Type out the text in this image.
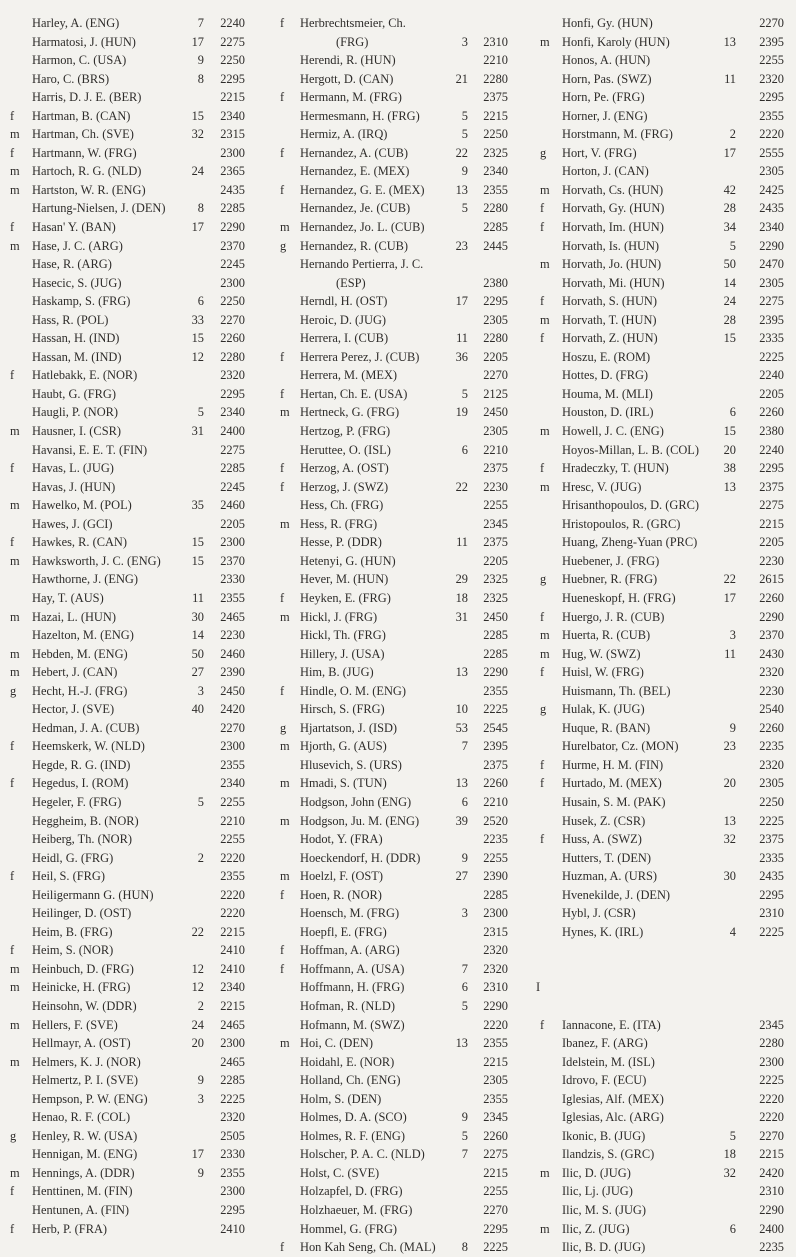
Harley, A. (ENG)	7	2240
Harmatosi, J. (HUN)	17	2275
Harmon, C. (USA)	9	2250
Haro, C. (BRS)	8	2295
Harris, D. J. E. (BER)	2215
f Hartman, B. (CAN)	15	2340
m Hartman, Ch. (SVE)	32	2315
f Hartmann, W. (FRG)	2300
m Hartoch, R. G. (NLD)	24	2365
m Hartston, W. R. (ENG)	2435
Hartung-Nielsen, J. (DEN)	8	2285
f Hasan' Y. (BAN)	17	2290
m Hase, J. C. (ARG)	2370
Hase, R. (ARG)	2245
Hasecic, S. (JUG)	2300
Haskamp, S. (FRG)	6	2250
Hass, R. (POL)	33	2270
Hassan, H. (IND)	15	2260
Hassan, M. (IND)	12	2280
f Hatlebakk, E. (NOR)	2320
Haubt, G. (FRG)	2295
Haugli, P. (NOR)	5	2340
m Hausner, I. (CSR)	31	2400
Havansi, E. E. T. (FIN)	2275
f Havas, L. (JUG)	2285
Havas, J. (HUN)	2245
m Hawelko, M. (POL)	35	2460
Hawes, J. (GCI)	2205
f Hawkes, R. (CAN)	15	2300
m Hawksworth, J. C. (ENG)	15	2370
Hawthorne, J. (ENG)	2330
Hay, T. (AUS)	11	2355
m Hazai, L. (HUN)	30	2465
Hazelton, M. (ENG)	14	2230
m Hebden, M. (ENG)	50	2460
m Hebert, J. (CAN)	27	2390
g Hecht, H.-J. (FRG)	3	2450
Hector, J. (SVE)	40	2420
Hedman, J. A. (CUB)	2270
f Heemskerk, W. (NLD)	2300
Hegde, R. G. (IND)	2355
f Hegedus, I. (ROM)	2340
Hegeler, F. (FRG)	5	2255
Heggheim, B. (NOR)	2210
Heiberg, Th. (NOR)	2255
Heidl, G. (FRG)	2	2220
f Heil, S. (FRG)	2355
Heiligermann G. (HUN)	2220
Heilinger, D. (OST)	2220
Heim, B. (FRG)	22	2215
f Heim, S. (NOR)	2410
m Heinbuch, D. (FRG)	12	2410
m Heinicke, H. (FRG)	12	2340
Heinsohn, W. (DDR)	2	2215
m Hellers, F. (SVE)	24	2465
Hellmayr, A. (OST)	20	2300
m Helmers, K. J. (NOR)	2465
Helmertz, P. I. (SVE)	9	2285
Hempson, P. W. (ENG)	3	2225
Henao, R. F. (COL)	2320
g Henley, R. W. (USA)	2505
Hennigan, M. (ENG)	17	2330
m Hennings, A. (DDR)	9	2355
f Henttinen, M. (FIN)	2300
Hentunen, A. (FIN)	2295
f Herb, P. (FRA)	2410
f Herbrechtsmeier, Ch.
(FRG)	3	2310
Herendi, R. (HUN)	2210
Hergott, D. (CAN)	21	2280
f Hermann, M. (FRG)	2375
Hermesmann, H. (FRG)	5	2215
Hermiz, A. (IRQ)	5	2250
f Hernandez, A. (CUB)	22	2325
Hernandez, E. (MEX)	9	2340
f Hernandez, G. E. (MEX)	13	2355
Hernandez, Je. (CUB)	5	2280
m Hernandez, Jo. L. (CUB)	2285
g Hernandez, R. (CUB)	23	2445
Hernando Pertierra, J. C.
(ESP)	2380
Herndl, H. (OST)	17	2295
Heroic, D. (JUG)	2305
Herrera, I. (CUB)	11	2280
f Herrera Perez, J. (CUB)	36	2205
Herrera, M. (MEX)	2270
f Hertan, Ch. E. (USA)	5	2125
m Hertneck, G. (FRG)	19	2450
Hertzog, P. (FRG)	2305
Heruttee, O. (ISL)	6	2210
f Herzog, A. (OST)	2375
f Herzog, J. (SWZ)	22	2230
Hess, Ch. (FRG)	2255
m Hess, R. (FRG)	2345
Hesse, P. (DDR)	11	2375
Hetenyi, G. (HUN)	2205
Hever, M. (HUN)	29	2325
f Heyken, E. (FRG)	18	2325
m Hickl, J. (FRG)	31	2450
Hickl, Th. (FRG)	2285
Hillery, J. (USA)	2285
Him, B. (JUG)	13	2290
f Hindle, O. M. (ENG)	2355
Hirsch, S. (FRG)	10	2225
g Hjartatson, J. (ISD)	53	2545
m Hjorth, G. (AUS)	7	2395
Hlusevich, S. (URS)	2375
m Hmadi, S. (TUN)	13	2260
Hodgson, John (ENG)	6	2210
m Hodgson, Ju. M. (ENG)	39	2520
Hodot, Y. (FRA)	2235
Hoeckendorf, H. (DDR)	9	2255
m Hoelzl, F. (OST)	27	2390
f Hoen, R. (NOR)	2285
Hoensch, M. (FRG)	3	2300
Hoepfl, E. (FRG)	2315
f Hoffman, A. (ARG)	2320
f Hoffmann, A. (USA)	7	2320
Hoffmann, H. (FRG)	6	2310
Hofman, R. (NLD)	5	2290
Hofmann, M. (SWZ)	2220
m Hoi, C. (DEN)	13	2355
Hoidahl, E. (NOR)	2215
Holland, Ch. (ENG)	2305
Holm, S. (DEN)	2355
Holmes, D. A. (SCO)	9	2345
Holmes, R. F. (ENG)	5	2260
Holscher, P. A. C. (NLD)	7	2275
Holst, C. (SVE)	2215
Holzapfel, D. (FRG)	2255
Holzhaeuer, M. (FRG)	2270
Hommel, G. (FRG)	2295
f Hon Kah Seng, Ch. (MAL)	8	2225
Honfi, Gy. (HUN)	2270
m Honfi, Karoly (HUN)	13	2395
Honos, A. (HUN)	2255
Horn, Pas. (SWZ)	11	2320
Horn, Pe. (FRG)	2295
Horner, J. (ENG)	2355
Horstmann, M. (FRG)	2	2220
g Hort, V. (FRG)	17	2555
Horton, J. (CAN)	2305
m Horvath, Cs. (HUN)	42	2425
f Horvath, Gy. (HUN)	28	2435
f Horvath, Im. (HUN)	34	2340
Horvath, Is. (HUN)	5	2290
m Horvath, Jo. (HUN)	50	2470
Horvath, Mi. (HUN)	14	2305
f Horvath, S. (HUN)	24	2275
m Horvath, T. (HUN)	28	2395
f Horvath, Z. (HUN)	15	2335
Hoszu, E. (ROM)	2225
Hottes, D. (FRG)	2240
Houma, M. (MLI)	2205
Houston, D. (IRL)	6	2260
m Howell, J. C. (ENG)	15	2380
Hoyos-Millan, L. B. (COL)	20	2240
f Hradeczky, T. (HUN)	38	2295
m Hresc, V. (JUG)	13	2375
Hrisanthopoulos, D. (GRC)	2275
Hristopoulos, R. (GRC)	2215
Huang, Zheng-Yuan (PRC)	2205
Huebener, J. (FRG)	2230
g Huebner, R. (FRG)	22	2615
Hueneskopf, H. (FRG)	17	2260
f Huergo, J. R. (CUB)	2290
m Huerta, R. (CUB)	3	2370
m Hug, W. (SWZ)	11	2430
f Huisl, W. (FRG)	2320
Huismann, Th. (BEL)	2230
g Hulak, K. (JUG)	2540
Huque, R. (BAN)	9	2260
Hurelbator, Cz. (MON)	23	2235
f Hurme, H. M. (FIN)	2320
f Hurtado, M. (MEX)	20	2305
Husain, S. M. (PAK)	2250
Husek, Z. (CSR)	13	2225
f Huss, A. (SWZ)	32	2375
Hutters, T. (DEN)	2335
Huzman, A. (URS)	30	2435
Hvenekilde, J. (DEN)	2295
Hybl, J. (CSR)	2310
Hynes, K. (IRL)	4	2225
I
f Iannacone, E. (ITA)	2345
Ibanez, F. (ARG)	2280
Idelstein, M. (ISL)	2300
Idrovo, F. (ECU)	2225
Iglesias, Alf. (MEX)	2220
Iglesias, Alc. (ARG)	2220
Ikonic, B. (JUG)	5	2270
Ilandzis, S. (GRC)	18	2215
m Ilic, D. (JUG)	32	2420
Ilic, Lj. (JUG)	2310
Ilic, M. S. (JUG)	2290
m Ilic, Z. (JUG)	6	2400
Ilic, B. D. (JUG)	2235
